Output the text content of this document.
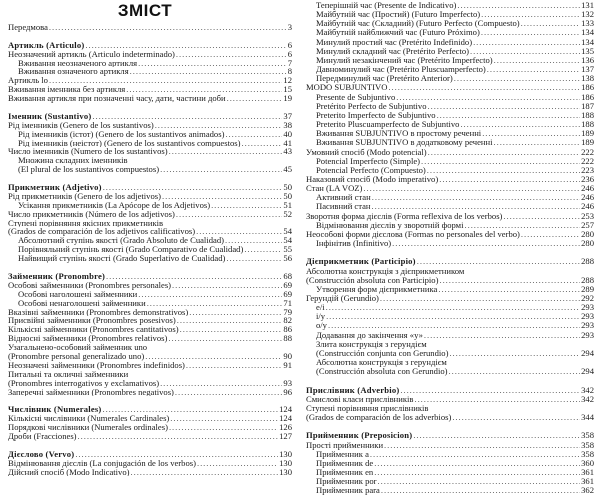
ЗМІСТ
Передмова . . .	3
Артикль (Articulo) . . .	6
Неозначений артикль (Articulo indeterminado) . . .	6
Вживання неозначеного артикля . . .	7
Вживання означеного артикля . . .	8
Артикль lo . . .	12
Вживання іменника без артикля . . .	15
Вживання артикля при позначенні часу, дати, частини доби . . .	19
Іменник (Sustantivo) . . .	37
Рід іменників (Genero de los sustantivos) . . .	38
Рід іменників (істот) (Genero de los sustantivos animados) . . .	40
Рід іменників (неістот) (Genero de los sustantivos compuestos) . . .	41
Число іменників (Numero de los sustantivos) . . .	43
Множина складних іменників
(El plural de los sustantivos compuestos) . . .	45
Прикметник (Adjetivo) . . .	50
Рід прикметників (Genero de los adjetivos) . . .	50
Усікання прикметників (La Apócope de los Adjetivos) . . .	51
Число прикметників (Número de los adjetivos) . . .	52
Ступені порівняння якісних прикметників
(Grados de comparación de los adjetivos calificativos) . . .	54
Абсолютний ступінь якості (Grado Absoluto de Cualidad) . . .	54
Порівняльний ступінь якості (Grado Comparativo de Cualidad) . . .	55
Найвищий ступінь якості (Grado Superlativo de Cualidad) . . .	56
Займенник (Pronombre) . . .	68
Особові займенники (Pronombres personales) . . .	69
Особові наголошені займенники . . .	69
Особові ненаголошені займенники . . .	71
Вказівні займенники (Pronombres demonstrativos) . . .	79
Присвійні займенники (Pronombres posesivos) . . .	82
Кількісні займенники (Pronombres cantitativos) . . .	86
Відносні займенники (Pronombres relativos) . . .	88
Узагальнено-особовий займенник uno
(Pronombre personal generalizado uno) . . .	90
Неозначені займенники (Pronombres indefinidos) . . .	91
Питальні та окличні займенники
(Pronombres interrogativos y exclamativos) . . .	93
Заперечні займенники (Pronombres negativos) . . .	96
Числівник (Numerales) . . .	124
Кількісні числівники (Numerales Cardinales) . . .	124
Порядкові числівники (Numerales ordinales) . . .	126
Дроби (Fracciones) . . .	127
Дієслово (Vervo) . . .	130
Відмінювання дієслів (La conjugación de los verbos) . . .	130
Дійсний спосіб (Modo Indicativo) . . .	130
Теперішній час (Presente de Indicativo) . . .	131
Майбутній час (Простий) (Futuro Imperfecto) . . .	132
Майбутній час (Складний) (Futuro Perfecto (Compuesto) . . .	133
Майбутній найближчий час (Futuro Próximo) . . .	134
Минулий простий час (Pretérito Indefinido) . . .	134
Минулий складний час (Pretérito Perfecto) . . .	135
Минулий незакінчений час (Pretérito Imperfecto) . . .	136
Давноминулий час (Pretérito Pluscuamperfecto) . . .	137
Передминулий час (Pretérito Anterior) . . .	138
MODO SUBJUNTIVO . . .	186
Presente de Subjuntivo . . .	186
Pretérito Perfecto de Subjuntivo . . .	187
Preterito Imperfecto de Subjuntivo . . .	188
Preterito Pluscuamperfecto de Subjuntivo . . .	188
Вживання SUBJUNTIVO в простому реченні . . .	189
Вживання SUBJUNTIVO в додатковому реченні . . .	189
Умовний спосіб (Modo potencial) . . .	222
Potencial Imperfecto (Simple) . . .	222
Potencial Perfecto (Compuesto) . . .	223
Наказовий спосіб (Modo imperativo) . . .	236
Стан (LA VOZ) . . .	246
Активний стан . . .	246
Пасивний стан . . .	246
Зворотня форма дієслів (Forma reflexiva de los verbos) . . .	253
Відмінювання дієслів у зворотній формі . . .	257
Неособові форми дієслова (Formas no personales del verbo) . . .	280
Інфінітив (Infinitivo) . . .	280
Дієприкметник (Participio) . . .	288
Абсолютна конструкція з дієприкметником
(Construcción absoluta con Participio) . . .	288
Утворення форм дієприкметника . . .	289
Герундій (Gerundio) . . .	292
e/i . . .	293
i/y . . .	293
o/y . . .	293
Додавання до закінчення «у» . . .	293
Злита конструкція з герундієм
(Construcción conjunta con Gerundio) . . .	294
Абсолютна конструкція з герундієм
(Construcción absoluta con Gerundio) . . .	294
Прислівник (Adverbio) . . .	342
Смислові класи прислівників . . .	342
Ступені порівняння прислівників
(Grados de comparación de los adverbios) . . .	344
Прийменник (Preposicion) . . .	358
Прості прийменники . . .	358
Прийменник a . . .	358
Прийменник de . . .	360
Прийменник en . . .	361
Прийменник por . . .	361
Прийменник para . . .	362
